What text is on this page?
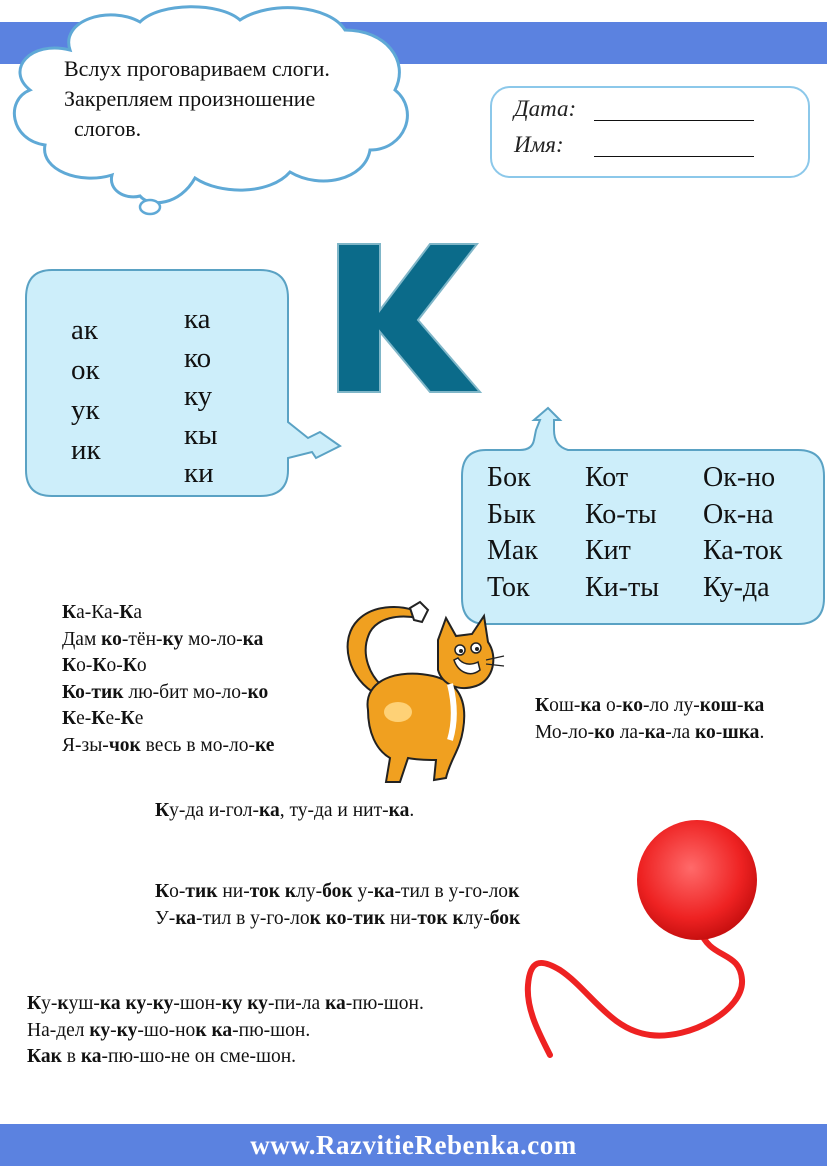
www.RazvitieRebenka.com
Вслух проговариваем слоги.
Закрепляем произношение
слогов.
Дата:
Имя:
К
ак
ок
ук
ик
ка
ко
ку
кы
ки	Бок
Бык
Мак
Ток
Кот
Ко-ты
Кит
Ки-ты
Ок-но
Ок-на
Ка-ток
Ку-да
Ка-Ка-Ка
Дам ко-тён-ку мо-ло-ка
Ко-Ко-Ко
Ко-тик лю-бит мо-ло-ко
Ке-Ке-Ке
Я-зы-чок весь в мо-ло-ке
Кош-ка о-ко-ло лу-кош-ка
Мо-ло-ко ла-ка-ла ко-шка.
Ку-да и-гол-ка, ту-да и нит-ка.
Ко-тик ни-ток клу-бок у-ка-тил в у-го-лок
У-ка-тил в у-го-лок ко-тик ни-ток клу-бок
Ку-куш-ка ку-ку-шон-ку ку-пи-ла ка-пю-шон.
На-дел ку-ку-шо-нок ка-пю-шон.
Как в ка-пю-шо-не он сме-шон.
